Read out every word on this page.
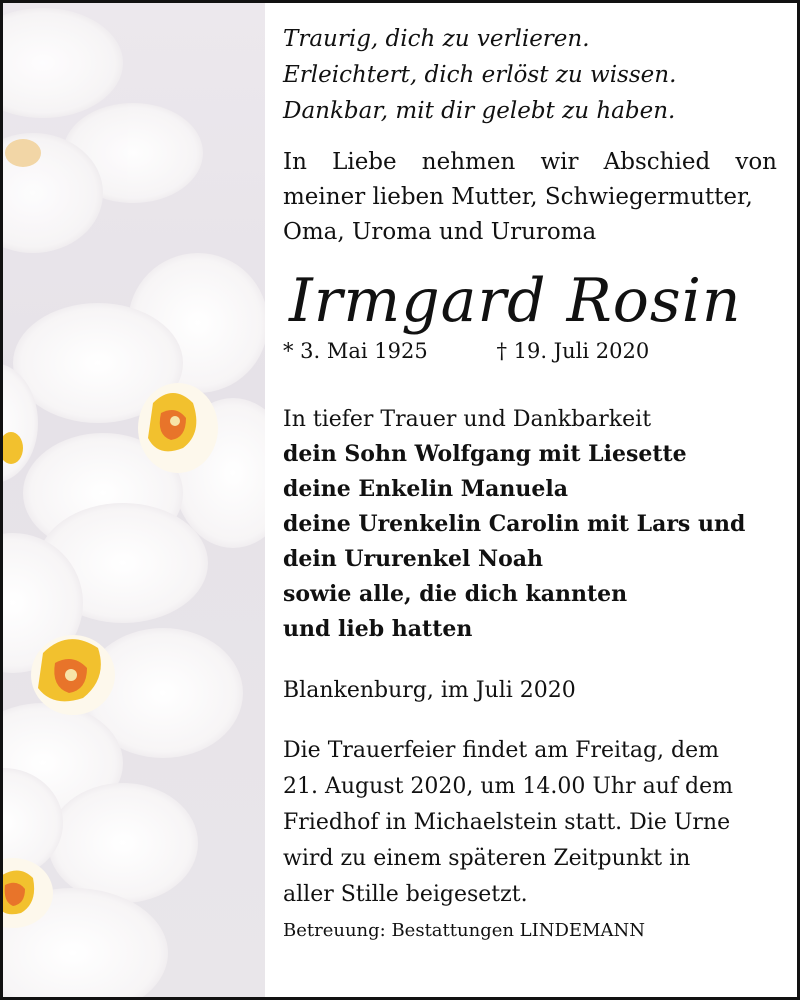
Traurig, dich zu verlieren.
Erleichtert, dich erlöst zu wissen.
Dankbar, mit dir gelebt zu haben.
In Liebe nehmen wir Abschied von
meiner lieben Mutter, Schwiegermutter,
Oma, Uroma und Ururoma
Irmgard Rosin
* 3. Mai 1925	† 19. Juli 2020
In tiefer Trauer und Dankbarkeit
dein Sohn Wolfgang mit Liesette
deine Enkelin Manuela
deine Urenkelin Carolin mit Lars und
dein Ururenkel Noah
sowie alle, die dich kannten
und lieb hatten
Blankenburg, im Juli 2020
Die Trauerfeier findet am Freitag, dem
21. August 2020, um 14.00 Uhr auf dem
Friedhof in Michaelstein statt. Die Urne
wird zu einem späteren Zeitpunkt in
aller Stille beigesetzt.
Betreuung: Bestattungen LINDEMANN
